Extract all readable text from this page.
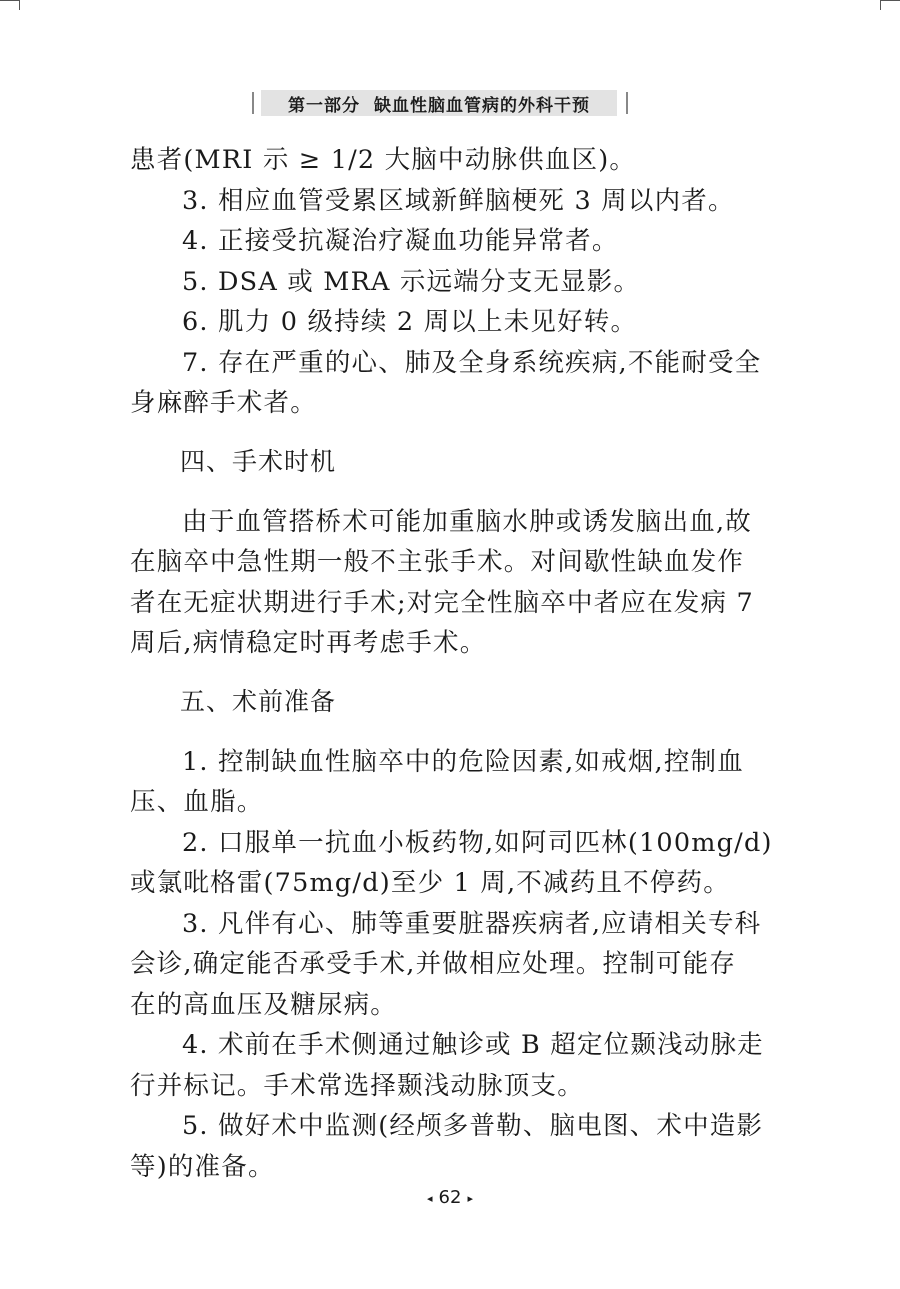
第一部分 缺血性脑血管病的外科干预
患者(MRI 示 ≥ 1/2 大脑中动脉供血区)。
3. 相应血管受累区域新鲜脑梗死 3 周以内者。
4. 正接受抗凝治疗凝血功能异常者。
5. DSA 或 MRA 示远端分支无显影。
6. 肌力 0 级持续 2 周以上未见好转。
7. 存在严重的心、肺及全身系统疾病,不能耐受全
身麻醉手术者。
四、手术时机
由于血管搭桥术可能加重脑水肿或诱发脑出血,故
在脑卒中急性期一般不主张手术。对间歇性缺血发作
者在无症状期进行手术;对完全性脑卒中者应在发病 7
周后,病情稳定时再考虑手术。
五、术前准备
1. 控制缺血性脑卒中的危险因素,如戒烟,控制血
压、血脂。
2. 口服单一抗血小板药物,如阿司匹林(100mg/d)
或氯吡格雷(75mg/d)至少 1 周,不减药且不停药。
3. 凡伴有心、肺等重要脏器疾病者,应请相关专科
会诊,确定能否承受手术,并做相应处理。控制可能存
在的高血压及糖尿病。
4. 术前在手术侧通过触诊或 B 超定位颞浅动脉走
行并标记。手术常选择颞浅动脉顶支。
5. 做好术中监测(经颅多普勒、脑电图、术中造影
等)的准备。
◂ 62 ▸
